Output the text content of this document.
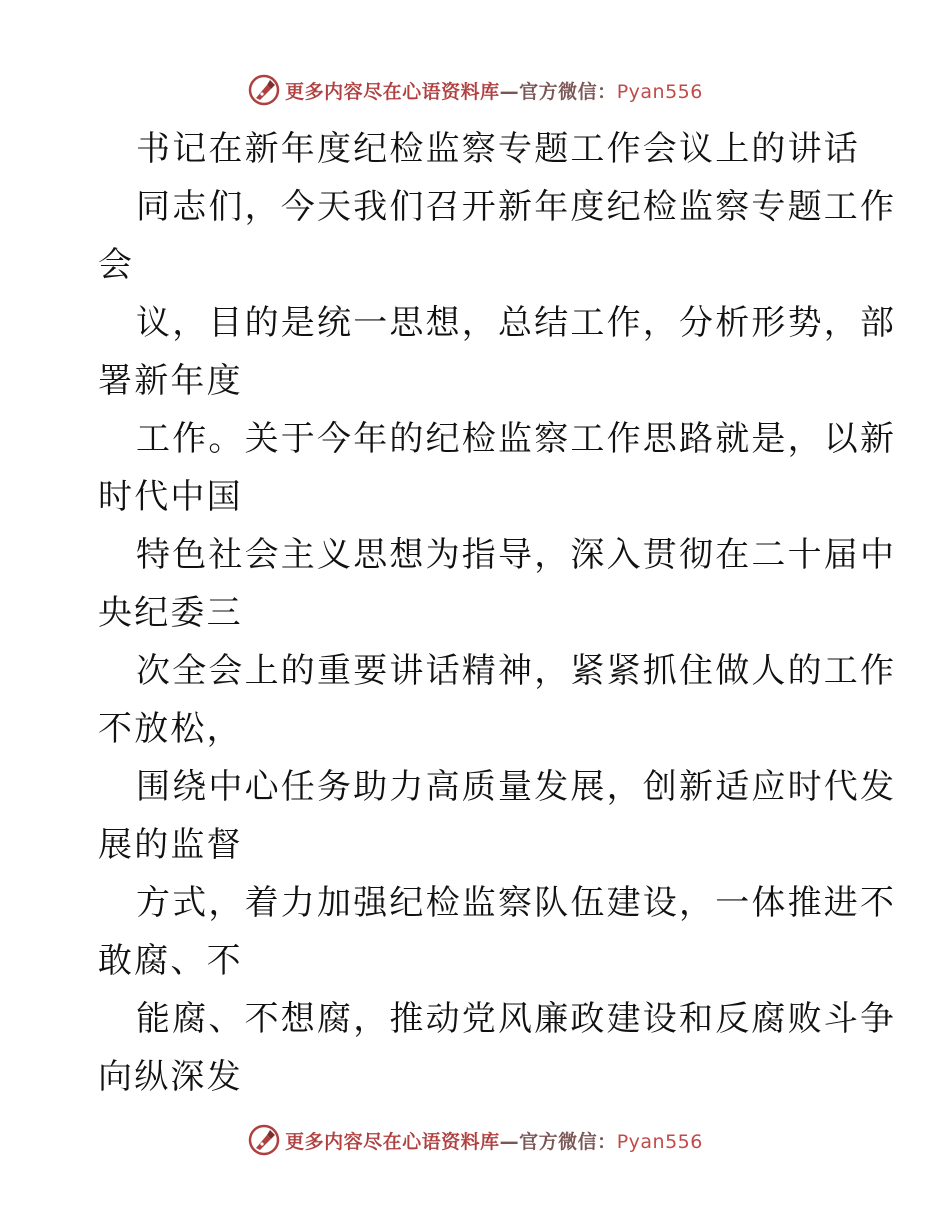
更多内容尽在心语资料库—官方微信：Pyan556
书记在新年度纪检监察专题工作会议上的讲话
同志们，今天我们召开新年度纪检监察专题工作
会
议，目的是统一思想，总结工作，分析形势，部
署新年度
工作。关于今年的纪检监察工作思路就是，以新
时代中国
特色社会主义思想为指导，深入贯彻在二十届中
央纪委三
次全会上的重要讲话精神，紧紧抓住做人的工作
不放松，
围绕中心任务助力高质量发展，创新适应时代发
展的监督
方式，着力加强纪检监察队伍建设，一体推进不
敢腐、不
能腐、不想腐，推动党风廉政建设和反腐败斗争
向纵深发
更多内容尽在心语资料库—官方微信：Pyan556
